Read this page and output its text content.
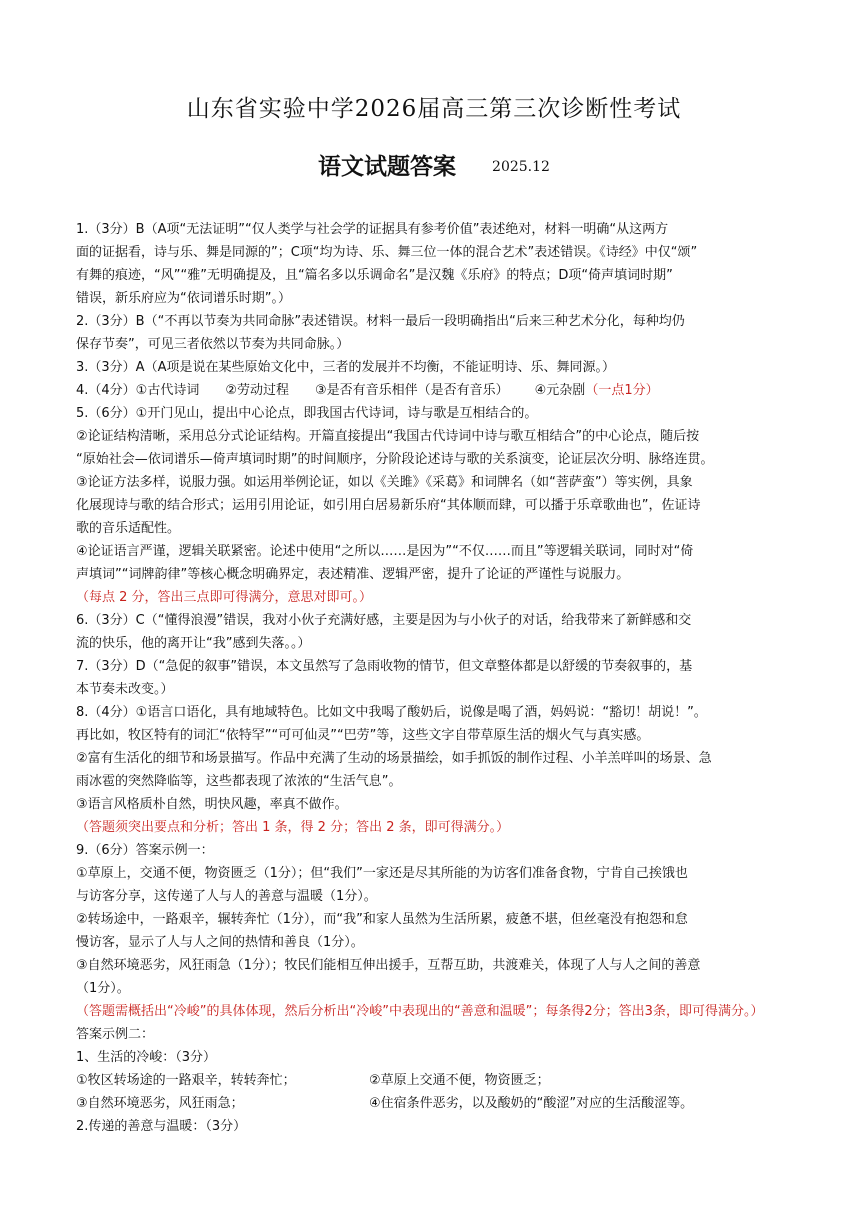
山东省实验中学2026届高三第三次诊断性考试
语文试题答案	2025.12

1.（3分）B（A项“无法证明”“仅人类学与社会学的证据具有参考价值”表述绝对，材料一明确“从这两方

面的证据看，诗与乐、舞是同源的”；C项“均为诗、乐、舞三位一体的混合艺术”表述错误。《诗经》中仅“颂”

有舞的痕迹，“风”“雅”无明确提及，且“篇名多以乐调命名”是汉魏《乐府》的特点；D项“倚声填词时期”

错误，新乐府应为“依词谱乐时期”。）

2.（3分）B（“不再以节奏为共同命脉”表述错误。材料一最后一段明确指出“后来三种艺术分化，每种均仍

保存节奏”，可见三者依然以节奏为共同命脉。）

3.（3分）A（A项是说在某些原始文化中，三者的发展并不均衡，不能证明诗、乐、舞同源。）

4.（4分）①古代诗词 ②劳动过程 ③是否有音乐相伴（是否有音乐） ④元杂剧（一点1分）

5.（6分）①开门见山，提出中心论点，即我国古代诗词，诗与歌是互相结合的。

②论证结构清晰，采用总分式论证结构。开篇直接提出“我国古代诗词中诗与歌互相结合”的中心论点，随后按

“原始社会—依词谱乐—倚声填词时期”的时间顺序，分阶段论述诗与歌的关系演变，论证层次分明、脉络连贯。

③论证方法多样，说服力强。如运用举例论证，如以《关雎》《采葛》和词牌名（如“菩萨蛮”）等实例，具象

化展现诗与歌的结合形式；运用引用论证，如引用白居易新乐府“其体顺而肆，可以播于乐章歌曲也”，佐证诗

歌的音乐适配性。

④论证语言严谨，逻辑关联紧密。论述中使用“之所以……是因为”“不仅……而且”等逻辑关联词，同时对“倚

声填词”“词牌韵律”等核心概念明确界定，表述精准、逻辑严密，提升了论证的严谨性与说服力。

（每点 2 分，答出三点即可得满分，意思对即可。）

6.（3分）C（“懂得浪漫”错误，我对小伙子充满好感，主要是因为与小伙子的对话，给我带来了新鲜感和交

流的快乐，他的离开让“我”感到失落。。）

7.（3分）D（“急促的叙事”错误，本文虽然写了急雨收物的情节，但文章整体都是以舒缓的节奏叙事的，基

本节奏未改变。）

8.（4分）①语言口语化，具有地域特色。比如文中我喝了酸奶后，说像是喝了酒，妈妈说：“豁切！胡说！”。

再比如，牧区特有的词汇“依特罕”“可可仙灵”“巴劳”等，这些文字自带草原生活的烟火气与真实感。

②富有生活化的细节和场景描写。作品中充满了生动的场景描绘，如手抓饭的制作过程、小羊羔咩叫的场景、急

雨冰雹的突然降临等，这些都表现了浓浓的“生活气息”。

③语言风格质朴自然，明快风趣，率真不做作。

（答题须突出要点和分析；答出 1 条，得 2 分；答出 2 条，即可得满分。）

9.（6分）答案示例一：

①草原上，交通不便，物资匮乏（1分）；但“我们”一家还是尽其所能的为访客们准备食物，宁肯自己挨饿也

与访客分享，这传递了人与人的善意与温暖（1分）。

②转场途中，一路艰辛，辗转奔忙（1分），而“我”和家人虽然为生活所累，疲惫不堪，但丝毫没有抱怨和怠

慢访客，显示了人与人之间的热情和善良（1分）。

③自然环境恶劣，风狂雨急（1分）；牧民们能相互伸出援手，互帮互助，共渡难关，体现了人与人之间的善意

（1分）。

（答题需概括出“冷峻”的具体体现，然后分析出“冷峻”中表现出的“善意和温暖”；每条得2分；答出3条，即可得满分。）

答案示例二：

1、生活的冷峻：（3分）

①牧区转场途的一路艰辛，转转奔忙；	②草原上交通不便，物资匮乏；
③自然环境恶劣，风狂雨急；	④住宿条件恶劣，以及酸奶的“酸涩”对应的生活酸涩等。

2.传递的善意与温暖：（3分）
